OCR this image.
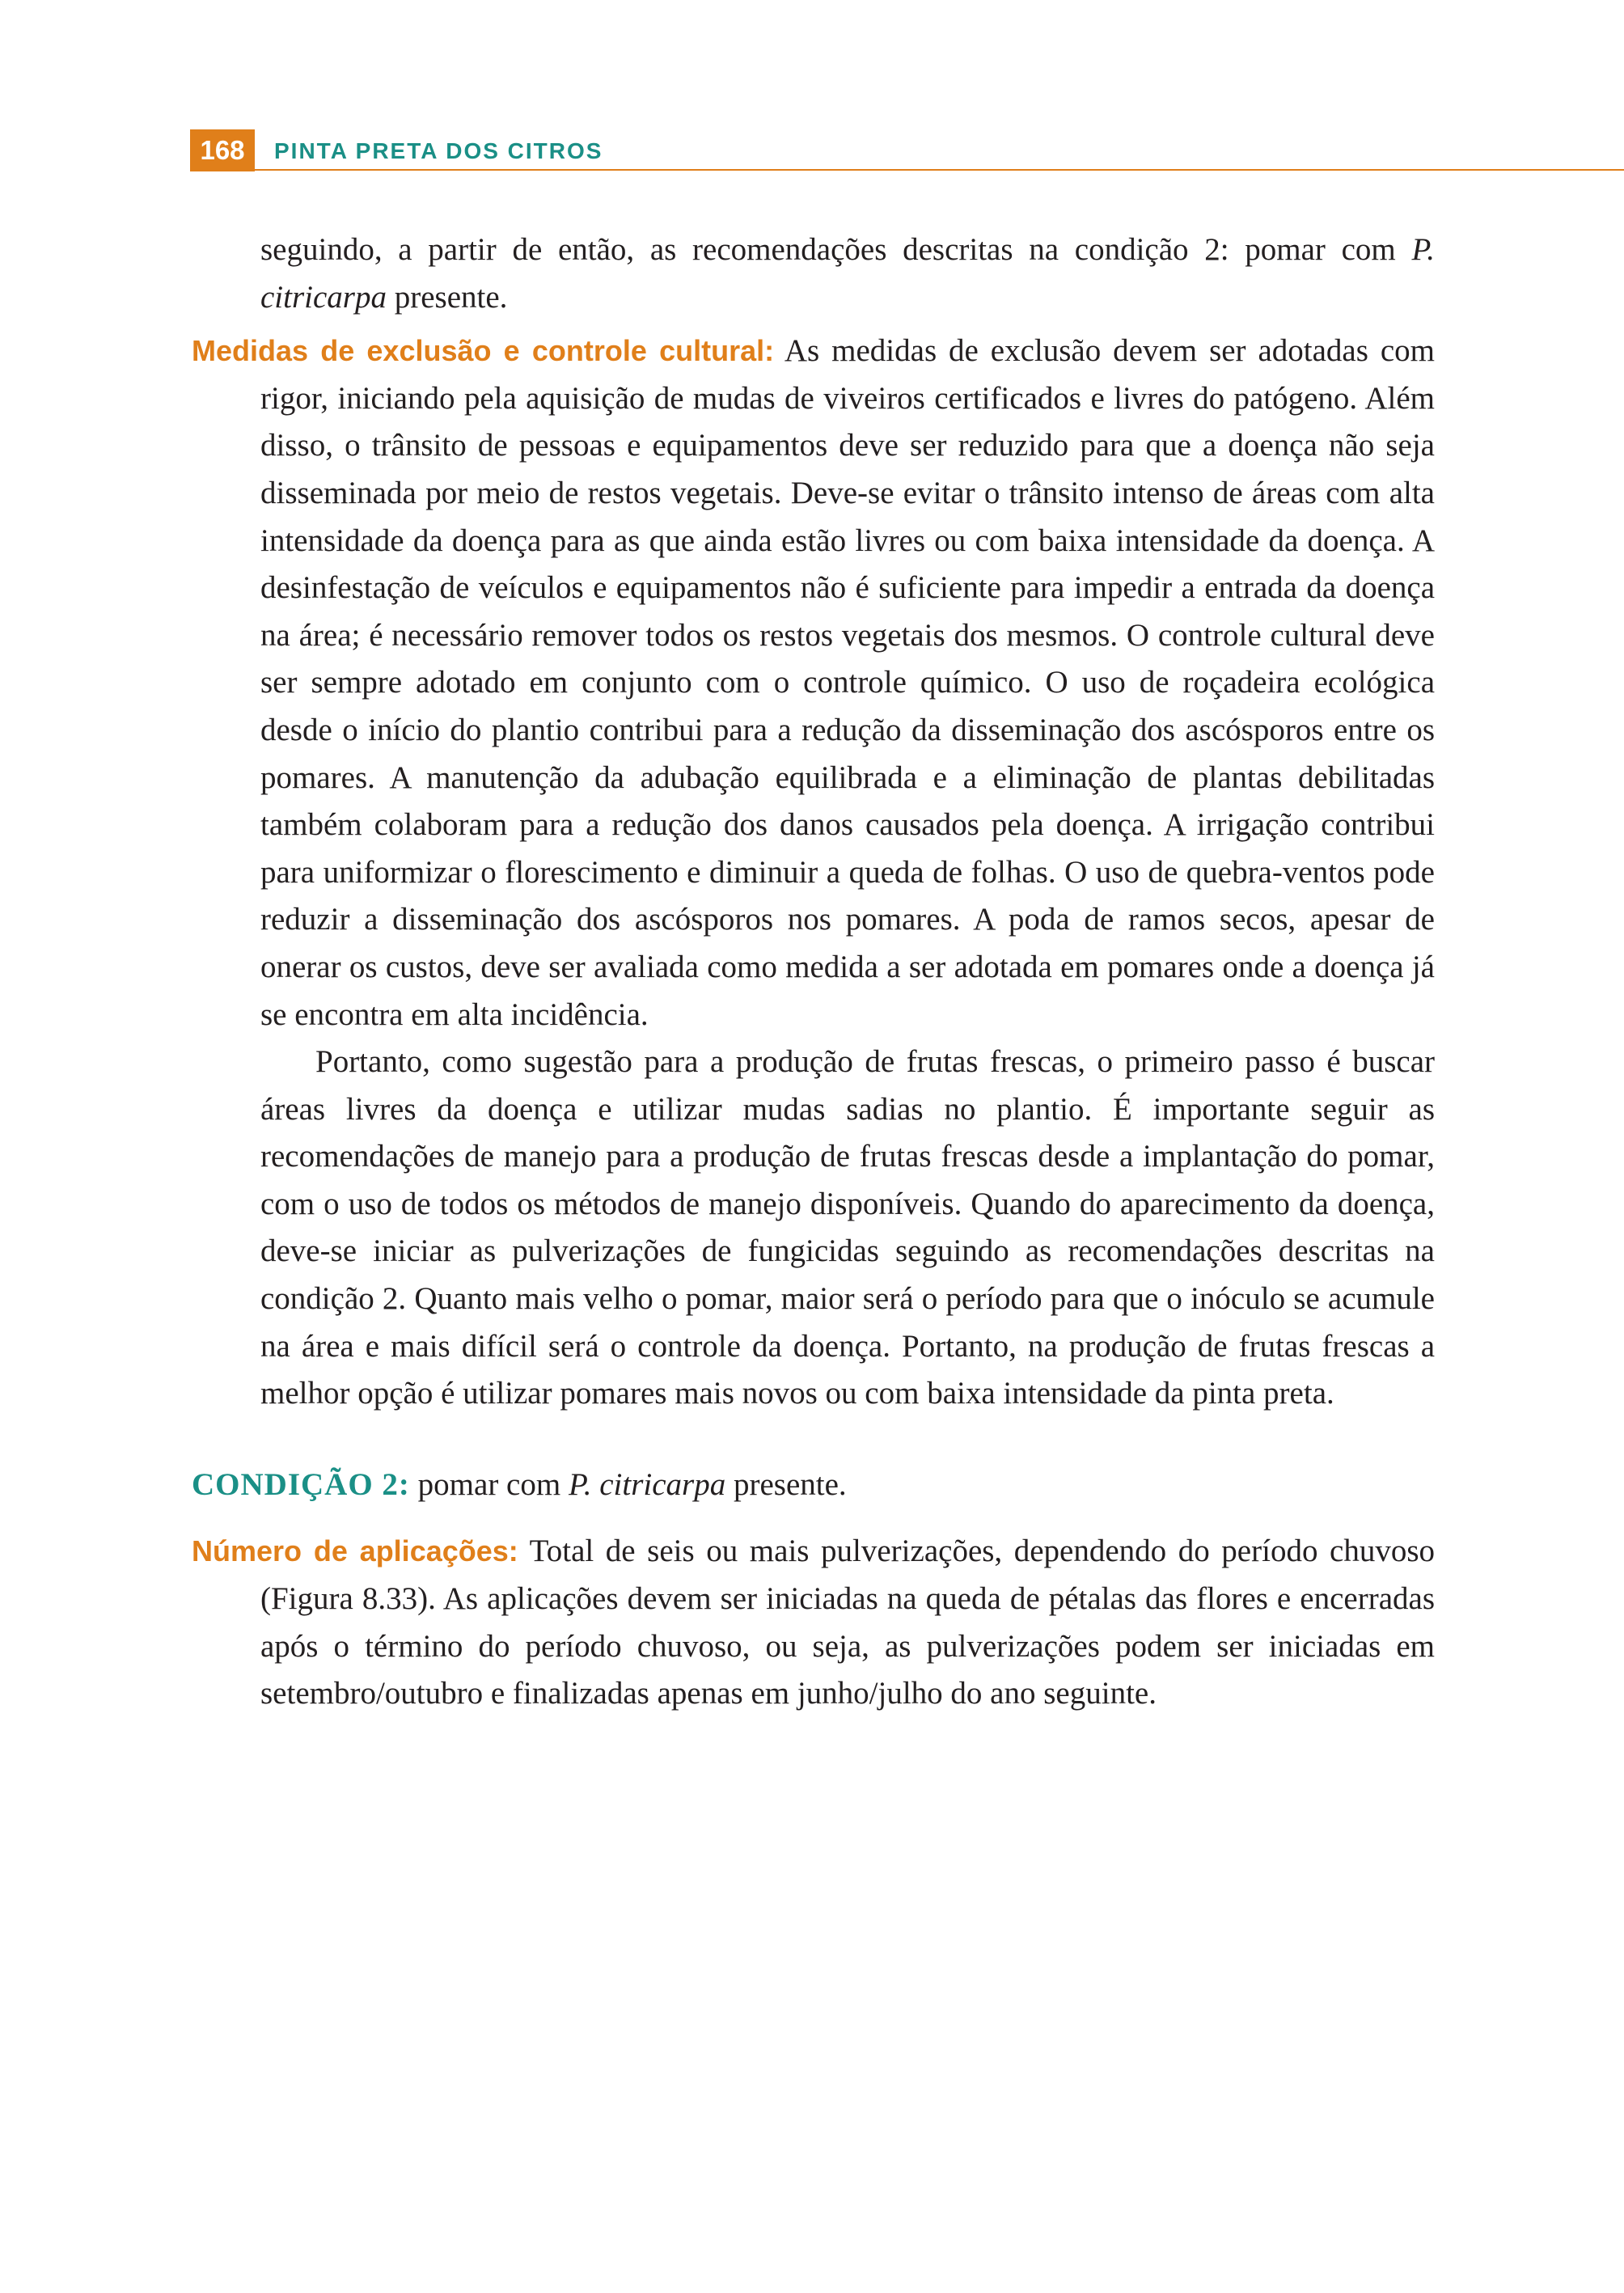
168	PINTA PRETA DOS CITROS

seguindo, a partir de então, as recomendações descritas na condição 2: pomar com P. citricarpa presente.

Medidas de exclusão e controle cultural: As medidas de exclusão devem ser adotadas com rigor, iniciando pela aquisição de mudas de viveiros certificados e livres do patógeno. Além disso, o trânsito de pessoas e equipamentos deve ser reduzido para que a doença não seja disseminada por meio de restos vegetais. Deve-se evitar o trânsito intenso de áreas com alta intensidade da doença para as que ainda estão livres ou com baixa intensidade da doença. A desinfestação de veículos e equipamentos não é suficiente para impedir a entrada da doença na área; é necessário remover todos os restos vegetais dos mesmos. O controle cultural deve ser sempre adotado em conjunto com o controle químico. O uso de roçadeira ecológica desde o início do plantio contribui para a redução da disseminação dos ascósporos entre os pomares. A manutenção da adubação equilibrada e a eliminação de plantas debilitadas também colaboram para a redução dos danos causados pela doença. A irrigação contribui para uniformizar o florescimento e diminuir a queda de folhas. O uso de quebra-ventos pode reduzir a disseminação dos ascósporos nos pomares. A poda de ramos secos, apesar de onerar os custos, deve ser avaliada como medida a ser adotada em pomares onde a doença já se encontra em alta incidência.

Portanto, como sugestão para a produção de frutas frescas, o primeiro passo é buscar áreas livres da doença e utilizar mudas sadias no plantio. É importante seguir as recomendações de manejo para a produção de frutas frescas desde a implantação do pomar, com o uso de todos os métodos de manejo disponíveis. Quando do aparecimento da doença, deve-se iniciar as pulverizações de fungicidas seguindo as recomendações descritas na condição 2. Quanto mais velho o pomar, maior será o período para que o inóculo se acumule na área e mais difícil será o controle da doença. Portanto, na produção de frutas frescas a melhor opção é utilizar pomares mais novos ou com baixa intensidade da pinta preta.

CONDIÇÃO 2: pomar com P. citricarpa presente.

Número de aplicações: Total de seis ou mais pulverizações, dependendo do período chuvoso (Figura 8.33). As aplicações devem ser iniciadas na queda de pétalas das flores e encerradas após o término do período chuvoso, ou seja, as pulverizações podem ser iniciadas em setembro/outubro e finalizadas apenas em junho/julho do ano seguinte.
